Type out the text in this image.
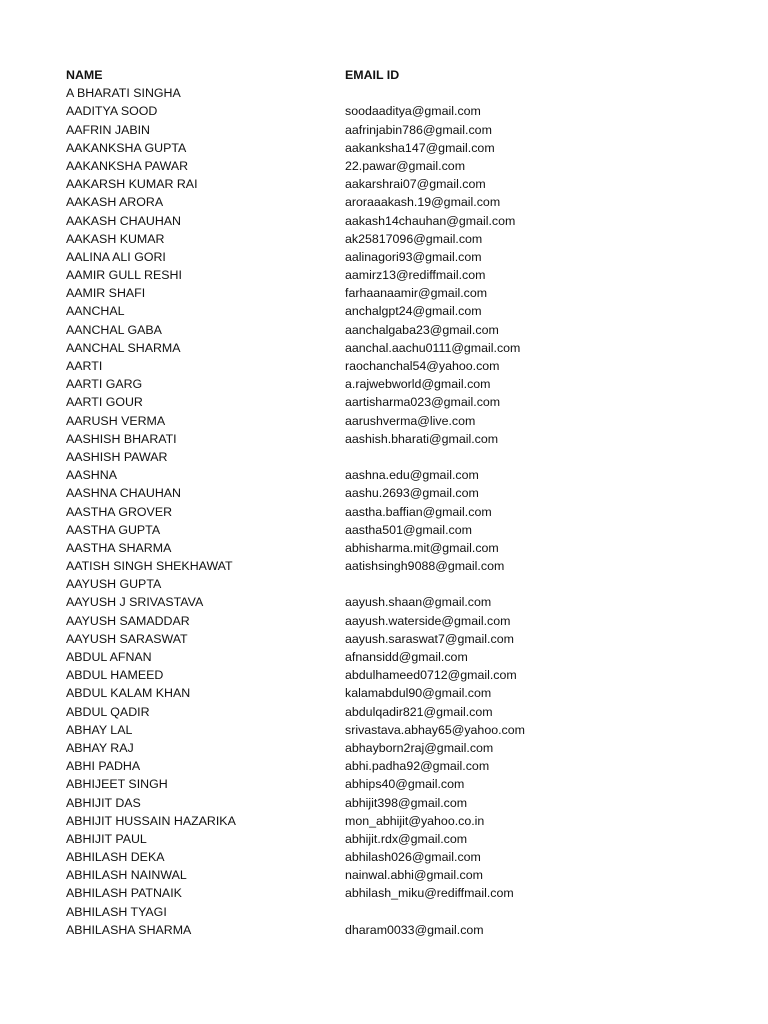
NAME	EMAIL ID
A BHARATI SINGHA
AADITYA SOOD	soodaaditya@gmail.com
AAFRIN JABIN	aafrinjabin786@gmail.com
AAKANKSHA GUPTA	aakanksha147@gmail.com
AAKANKSHA PAWAR	22.pawar@gmail.com
AAKARSH KUMAR RAI	aakarshrai07@gmail.com
AAKASH ARORA	aroraaakash.19@gmail.com
AAKASH CHAUHAN	aakash14chauhan@gmail.com
AAKASH KUMAR	ak25817096@gmail.com
AALINA ALI GORI	aalinagori93@gmail.com
AAMIR GULL RESHI	aamirz13@rediffmail.com
AAMIR SHAFI	farhaanaamir@gmail.com
AANCHAL	anchalgpt24@gmail.com
AANCHAL GABA	aanchalgaba23@gmail.com
AANCHAL SHARMA	aanchal.aachu0111@gmail.com
AARTI	raochanchal54@yahoo.com
AARTI GARG	a.rajwebworld@gmail.com
AARTI GOUR	aartisharma023@gmail.com
AARUSH VERMA	aarushverma@live.com
AASHISH BHARATI	aashish.bharati@gmail.com
AASHISH PAWAR
AASHNA	aashna.edu@gmail.com
AASHNA CHAUHAN	aashu.2693@gmail.com
AASTHA GROVER	aastha.baffian@gmail.com
AASTHA GUPTA	aastha501@gmail.com
AASTHA SHARMA	abhisharma.mit@gmail.com
AATISH SINGH SHEKHAWAT	aatishsingh9088@gmail.com
AAYUSH GUPTA
AAYUSH J SRIVASTAVA	aayush.shaan@gmail.com
AAYUSH SAMADDAR	aayush.waterside@gmail.com
AAYUSH SARASWAT	aayush.saraswat7@gmail.com
ABDUL AFNAN	afnansidd@gmail.com
ABDUL HAMEED	abdulhameed0712@gmail.com
ABDUL KALAM KHAN	kalamabdul90@gmail.com
ABDUL QADIR	abdulqadir821@gmail.com
ABHAY LAL	srivastava.abhay65@yahoo.com
ABHAY RAJ	abhayborn2raj@gmail.com
ABHI PADHA	abhi.padha92@gmail.com
ABHIJEET SINGH	abhips40@gmail.com
ABHIJIT DAS	abhijit398@gmail.com
ABHIJIT HUSSAIN HAZARIKA	mon_abhijit@yahoo.co.in
ABHIJIT PAUL	abhijit.rdx@gmail.com
ABHILASH DEKA	abhilash026@gmail.com
ABHILASH NAINWAL	nainwal.abhi@gmail.com
ABHILASH PATNAIK	abhilash_miku@rediffmail.com
ABHILASH TYAGI
ABHILASHA SHARMA	dharam0033@gmail.com
